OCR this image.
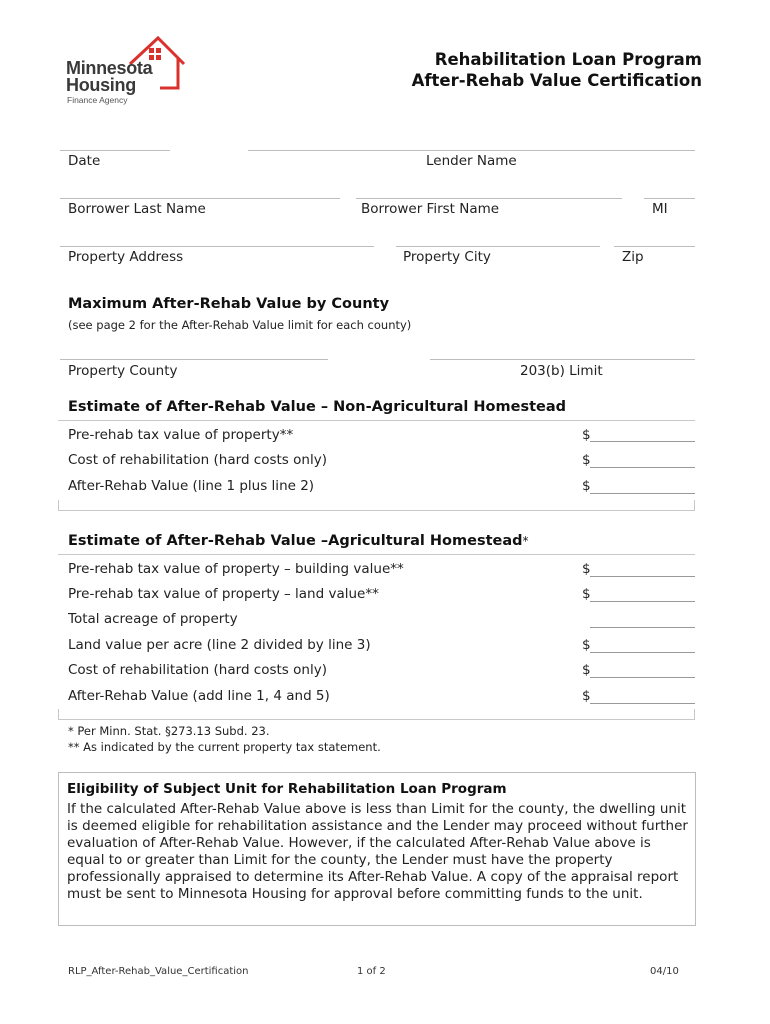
Minnesota
Housing
Finance Agency
Rehabilitation Loan Program
After-Rehab Value Certification
Date	Lender Name
Borrower Last Name	Borrower First Name	MI
Property Address	Property City	Zip
Maximum After-Rehab Value by County
(see page 2 for the After-Rehab Value limit for each county)
Property County	203(b) Limit
Estimate of After-Rehab Value – Non-Agricultural Homestead
Pre-rehab tax value of property**	$
Cost of rehabilitation (hard costs only)	$
After-Rehab Value (line 1 plus line 2)	$
Estimate of After-Rehab Value –Agricultural Homestead*
Pre-rehab tax value of property – building value**	$
Pre-rehab tax value of property – land value**	$
Total acreage of property
Land value per acre (line 2 divided by line 3)	$
Cost of rehabilitation (hard costs only)	$
After-Rehab Value (add line 1, 4 and 5)	$
* Per Minn. Stat. §273.13 Subd. 23.
** As indicated by the current property tax statement.
Eligibility of Subject Unit for Rehabilitation Loan Program
If the calculated After-Rehab Value above is less than Limit for the county, the dwelling unit is deemed eligible for rehabilitation assistance and the Lender may proceed without further evaluation of After-Rehab Value. However, if the calculated After-Rehab Value above is equal to or greater than Limit for the county, the Lender must have the property professionally appraised to determine its After-Rehab Value. A copy of the appraisal report must be sent to Minnesota Housing for approval before committing funds to the unit.
RLP_After-Rehab_Value_Certification	1 of 2	04/10
